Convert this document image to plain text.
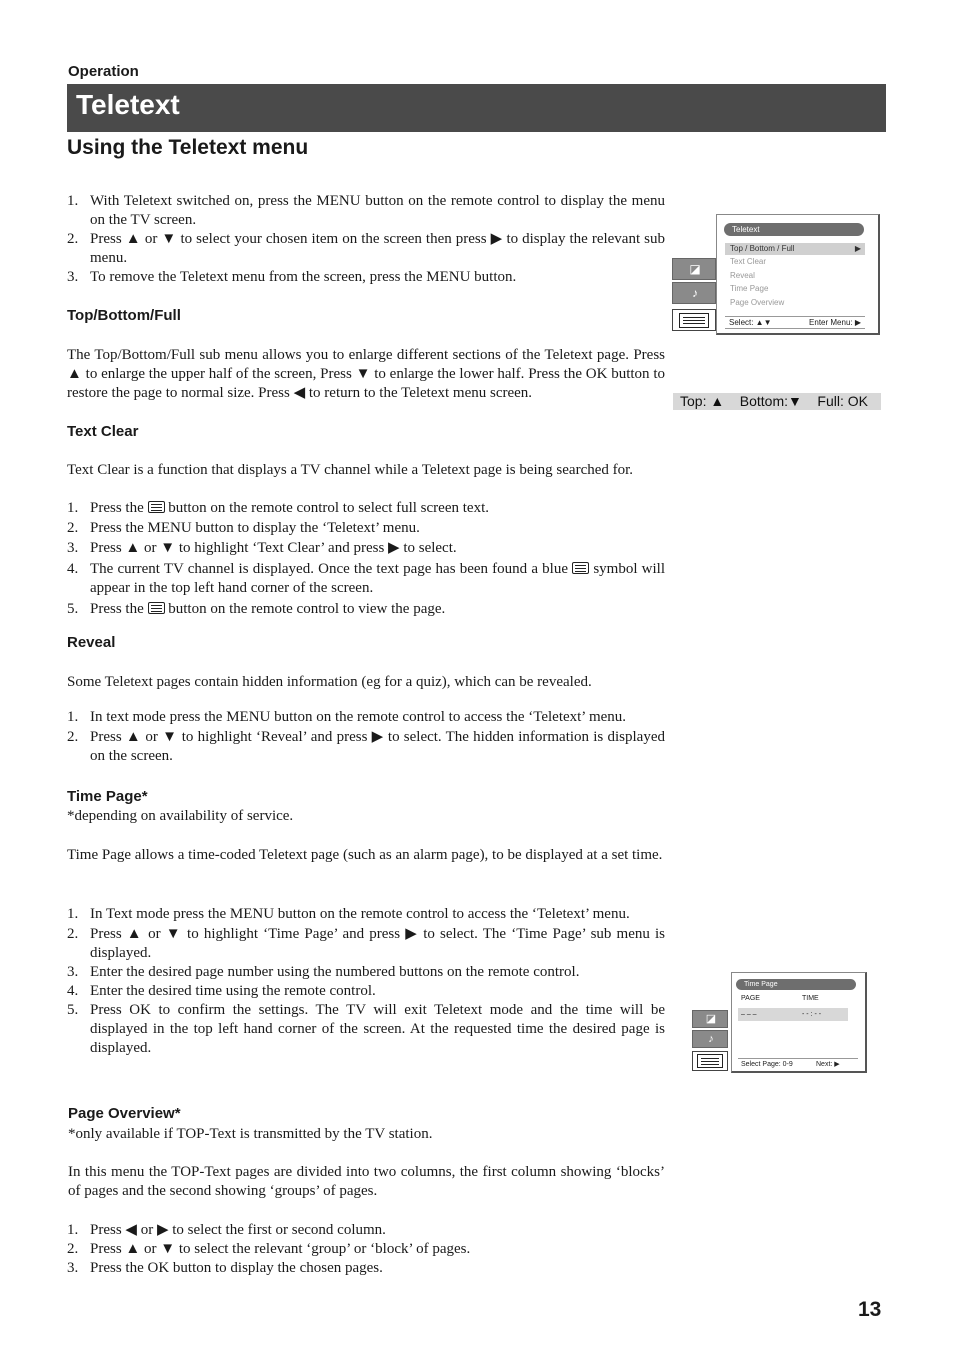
Operation
Teletext
Using the Teletext menu
1. With Teletext switched on, press the MENU button on the remote control to display the menu on the TV screen.
2. Press ▲ or ▼ to select your chosen item on the screen then press ▶ to display the relevant sub menu.
3. To remove the Teletext menu from the screen, press the MENU button.
Top/Bottom/Full
The Top/Bottom/Full sub menu allows you to enlarge different sections of the Teletext page. Press ▲ to enlarge the upper half of the screen, Press ▼ to enlarge the lower half. Press the OK button to restore the page to normal size. Press ◀ to return to the Teletext menu screen.
Text Clear
Text Clear is a function that displays a TV channel while a Teletext page is being searched for.
1. Press the button on the remote control to select full screen text.
2. Press the MENU button to display the ‘Teletext’ menu.
3. Press ▲ or ▼ to highlight ‘Text Clear’ and press ▶ to select.
4. The current TV channel is displayed. Once the text page has been found a blue symbol will appear in the top left hand corner of the screen.
5. Press the button on the remote control to view the page.
Reveal
Some Teletext pages contain hidden information (eg for a quiz), which can be revealed.
1. In text mode press the MENU button on the remote control to access the ‘Teletext’ menu.
2. Press ▲ or ▼ to highlight ‘Reveal’ and press ▶ to select. The hidden information is displayed on the screen.
Time Page*
*depending on availability of service.
Time Page allows a time-coded Teletext page (such as an alarm page), to be displayed at a set time.
1. In Text mode press the MENU button on the remote control to access the ‘Teletext’ menu.
2. Press ▲ or ▼ to highlight ‘Time Page’ and press ▶ to select. The ‘Time Page’ sub menu is displayed.
3. Enter the desired page number using the numbered buttons on the remote control.
4. Enter the desired time using the remote control.
5. Press OK to confirm the settings. The TV will exit Teletext mode and the time will be displayed in the top left hand corner of the screen. At the requested time the desired page is displayed.
Page Overview*
*only available if TOP-Text is transmitted by the TV station.
In this menu the TOP-Text pages are divided into two columns, the first column showing ‘blocks’ of pages and the second showing ‘groups’ of pages.
1. Press ◀ or ▶ to select the first or second column.
2. Press ▲ or ▼ to select the relevant ‘group’ or ‘block’ of pages.
3. Press the OK button to display the chosen pages.
◪
♪
Teletext
Top / Bottom / Full	▶
Text Clear
Reveal
Time Page
Page Overview
Select: ▲▼	Enter Menu: ▶
Top: ▲    Bottom:▼    Full: OK
◪
♪
Time Page
PAGE	TIME
– – –	- - : - -
Select Page: 0-9	Next: ▶
13
